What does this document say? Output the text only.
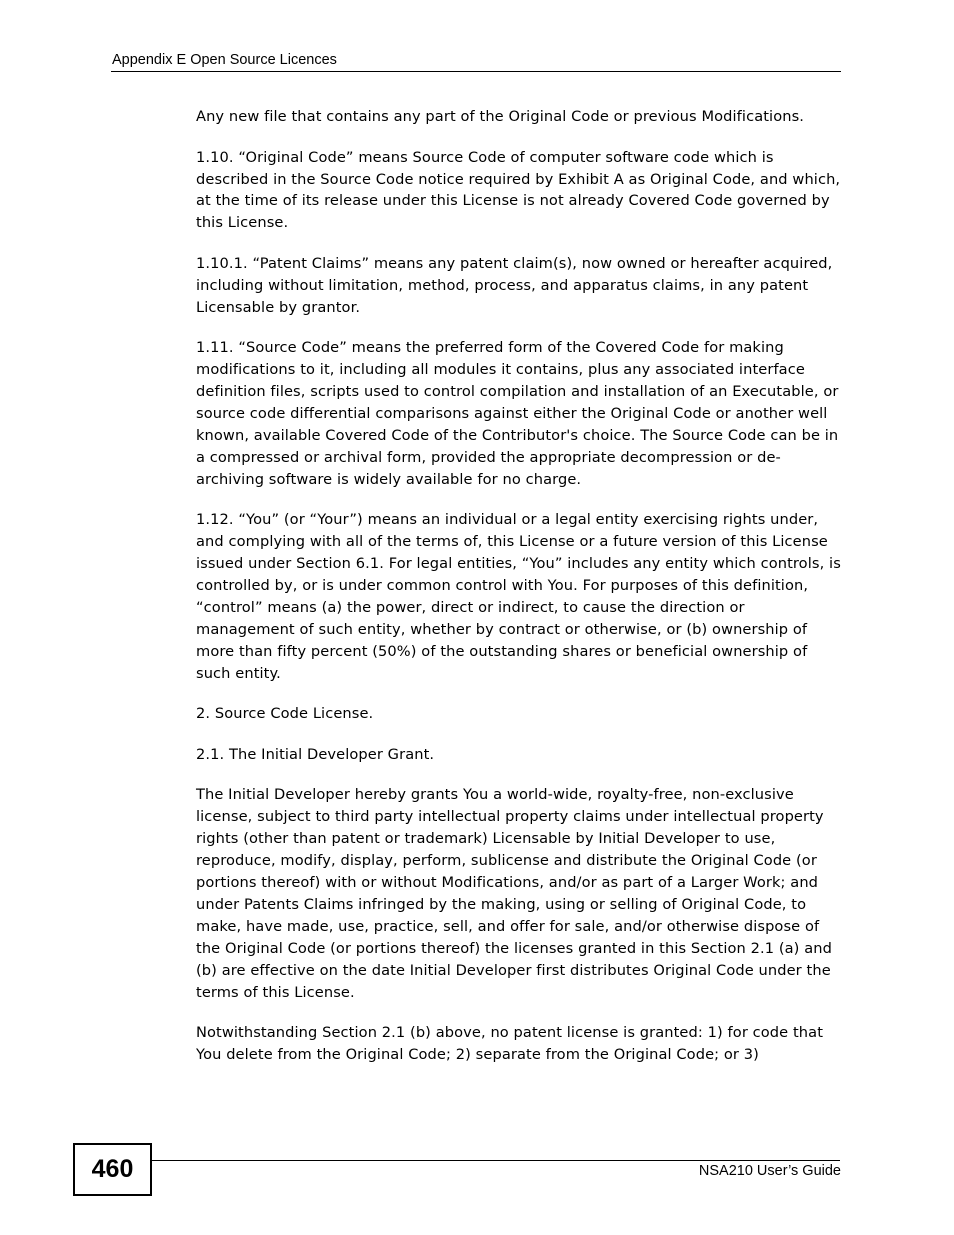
Appendix E Open Source Licences

Any new file that contains any part of the Original Code or previous Modifications.

1.10. “Original Code” means Source Code of computer software code which is described in the Source Code notice required by Exhibit A as Original Code, and which, at the time of its release under this License is not already Covered Code governed by this License.

1.10.1. “Patent Claims” means any patent claim(s), now owned or hereafter acquired, including without limitation, method, process, and apparatus claims, in any patent Licensable by grantor.

1.11. “Source Code” means the preferred form of the Covered Code for making modifications to it, including all modules it contains, plus any associated interface definition files, scripts used to control compilation and installation of an Executable, or source code differential comparisons against either the Original Code or another well known, available Covered Code of the Contributor's choice. The Source Code can be in a compressed or archival form, provided the appropriate decompression or de-archiving software is widely available for no charge.

1.12. “You” (or “Your”) means an individual or a legal entity exercising rights under, and complying with all of the terms of, this License or a future version of this License issued under Section 6.1. For legal entities, “You” includes any entity which controls, is controlled by, or is under common control with You. For purposes of this definition, “control” means (a) the power, direct or indirect, to cause the direction or management of such entity, whether by contract or otherwise, or (b) ownership of more than fifty percent (50%) of the outstanding shares or beneficial ownership of such entity.

2. Source Code License.

2.1. The Initial Developer Grant.

The Initial Developer hereby grants You a world-wide, royalty-free, non-exclusive license, subject to third party intellectual property claims under intellectual property rights (other than patent or trademark) Licensable by Initial Developer to use, reproduce, modify, display, perform, sublicense and distribute the Original Code (or portions thereof) with or without Modifications, and/or as part of a Larger Work; and under Patents Claims infringed by the making, using or selling of Original Code, to make, have made, use, practice, sell, and offer for sale, and/or otherwise dispose of the Original Code (or portions thereof) the licenses granted in this Section 2.1 (a) and (b) are effective on the date Initial Developer first distributes Original Code under the terms of this License.

Notwithstanding Section 2.1 (b) above, no patent license is granted: 1) for code that You delete from the Original Code; 2) separate from the Original Code; or 3)

460	NSA210 User’s Guide
